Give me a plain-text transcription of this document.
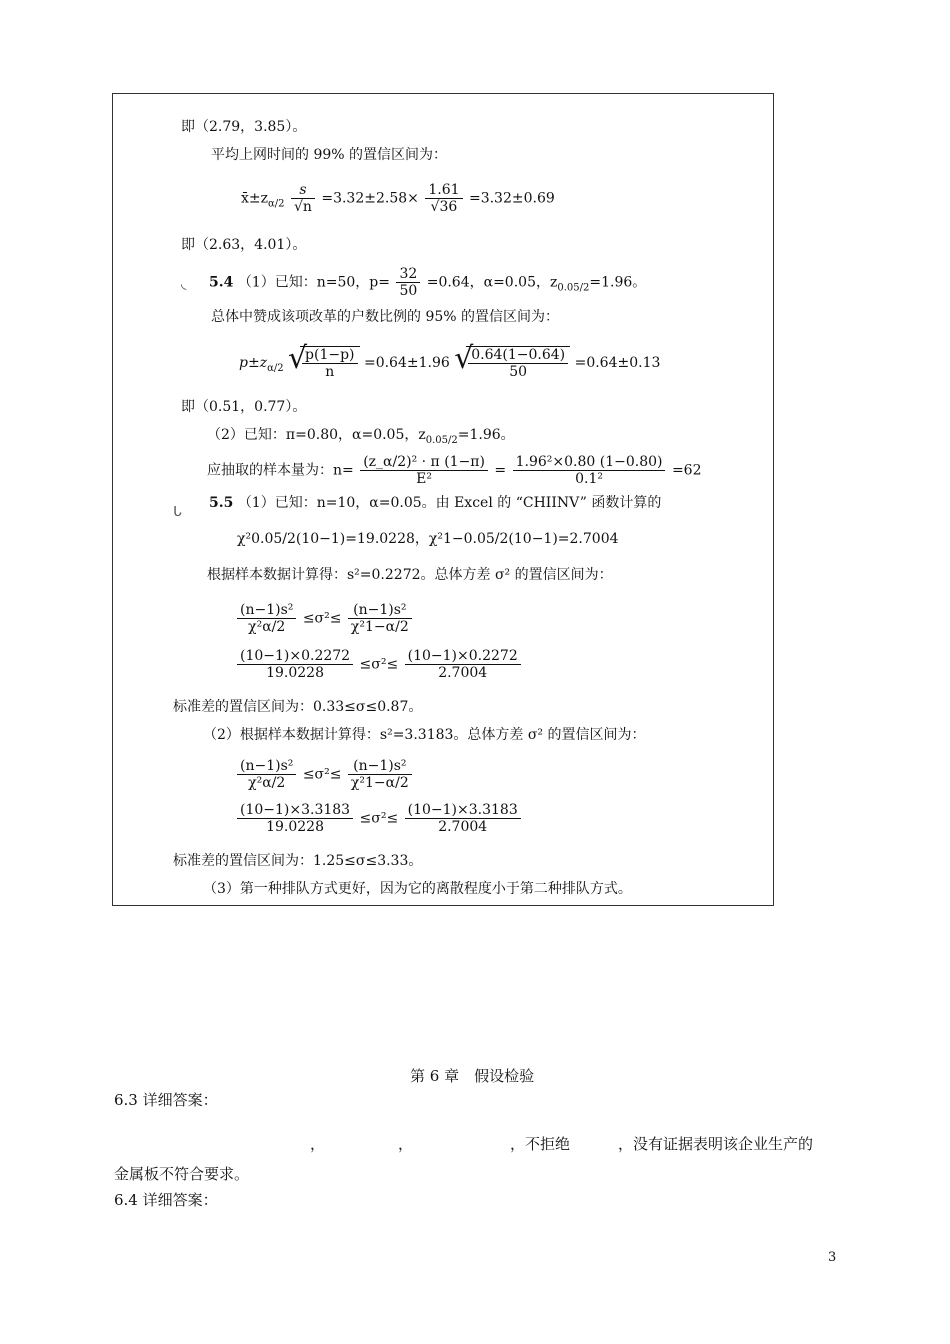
即（2.79，3.85）。
平均上网时间的 99% 的置信区间为：
$x̄\pm z_{\alpha/2} \frac{s}{√n} =3.32\pm 2.58\times \frac{1.61}{√36} =3.32\pm 0.69$
即（2.63，4.01）。
◟ 5.4 （1）已知：n=50，$p= \frac{32}{50} =0.64$，α=0.05，$z_{0.05/2}=1.96$。
总体中赞成该项改革的户数比例的 95% 的置信区间为：
$p\pm z_{\alpha/2}$ √
$\frac{p(1-p)}{n} =0.64\pm 1.96$ √
$\frac{0.64(1-0.64)}{50} =0.64\pm 0.13$
即（0.51，0.77）。
（2）已知：π=0.80，α=0.05，$z_{0.05/2}=1.96$。
应抽取的样本量为：$n= \frac{\text{(z\_α/2)² · π (1−π)}}{\text{E²}} = \frac{\text{1.96²×0.80 (1−0.80)}}{\text{0.1²}} =62$
ᒐ
5.5 （1）已知：n=10，α=0.05。由 Excel 的 “CHIINV” 函数计算的
χ²0.05/2(10−1)=19.0228，χ²1−0.05/2(10−1)=2.7004
根据样本数据计算得：s²=0.2272。总体方差 σ² 的置信区间为：
$\frac{\text{(n−1)s²}}{\text{χ²α/2}} \le\sigma^2\le \frac{\text{(n−1)s²}}{\text{χ²1−α/2}}$
$\frac{(10-1)\times 0.2272}{19.0228} \le\sigma^2\le \frac{(10-1)\times 0.2272}{2.7004}$
标准差的置信区间为：0.33≤σ≤0.87。
（2）根据样本数据计算得：s²=3.3183。总体方差 σ² 的置信区间为：
$\frac{\text{(n−1)s²}}{\text{χ²α/2}} \le\sigma^2\le \frac{\text{(n−1)s²}}{\text{χ²1−α/2}}$
$\frac{(10-1)\times 3.3183}{19.0228} \le\sigma^2\le \frac{(10-1)\times 3.3183}{2.7004}$
标准差的置信区间为：1.25≤σ≤3.33。
（3）第一种排队方式更好，因为它的离散程度小于第二种排队方式。
第 6 章　假设检验
6.3 详细答案：
，	，	，不拒绝	，没有证据表明该企业生产的
金属板不符合要求。
6.4 详细答案：
3
